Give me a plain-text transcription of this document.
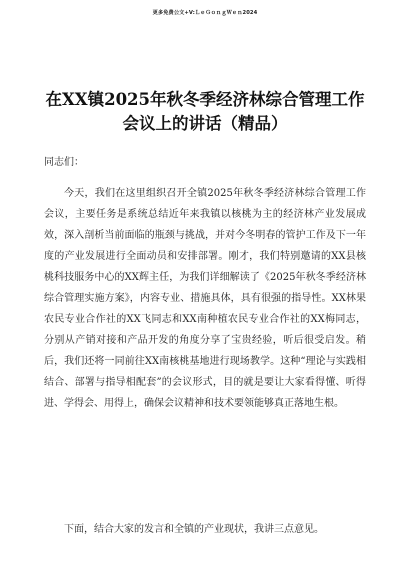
更多免费公文+V:ＬｅＧｏｎｇＷｅｎ2024
在XX镇2025年秋冬季经济林综合管理工作会议上的讲话（精品）
同志们：

今天，我们在这里组织召开全镇2025年秋冬季经济林综合管理工作会议，主要任务是系统总结近年来我镇以核桃为主的经济林产业发展成效，深入剖析当前面临的瓶颈与挑战，并对今冬明春的管护工作及下一年度的产业发展进行全面动员和安排部署。刚才，我们特别邀请的XX县核桃科技服务中心的XX辉主任，为我们详细解读了《2025年秋冬季经济林综合管理实施方案》，内容专业、措施具体，具有很强的指导性。XX林果农民专业合作社的XX飞同志和XX南种植农民专业合作社的XX梅同志，分别从产销对接和产品开发的角度分享了宝贵经验，听后很受启发。稍后，我们还将一同前往XX南核桃基地进行现场教学。这种“理论与实践相结合、部署与指导相配套”的会议形式，目的就是要让大家看得懂、听得进、学得会、用得上，确保会议精神和技术要领能够真正落地生根。

下面，结合大家的发言和全镇的产业现状，我讲三点意见。
